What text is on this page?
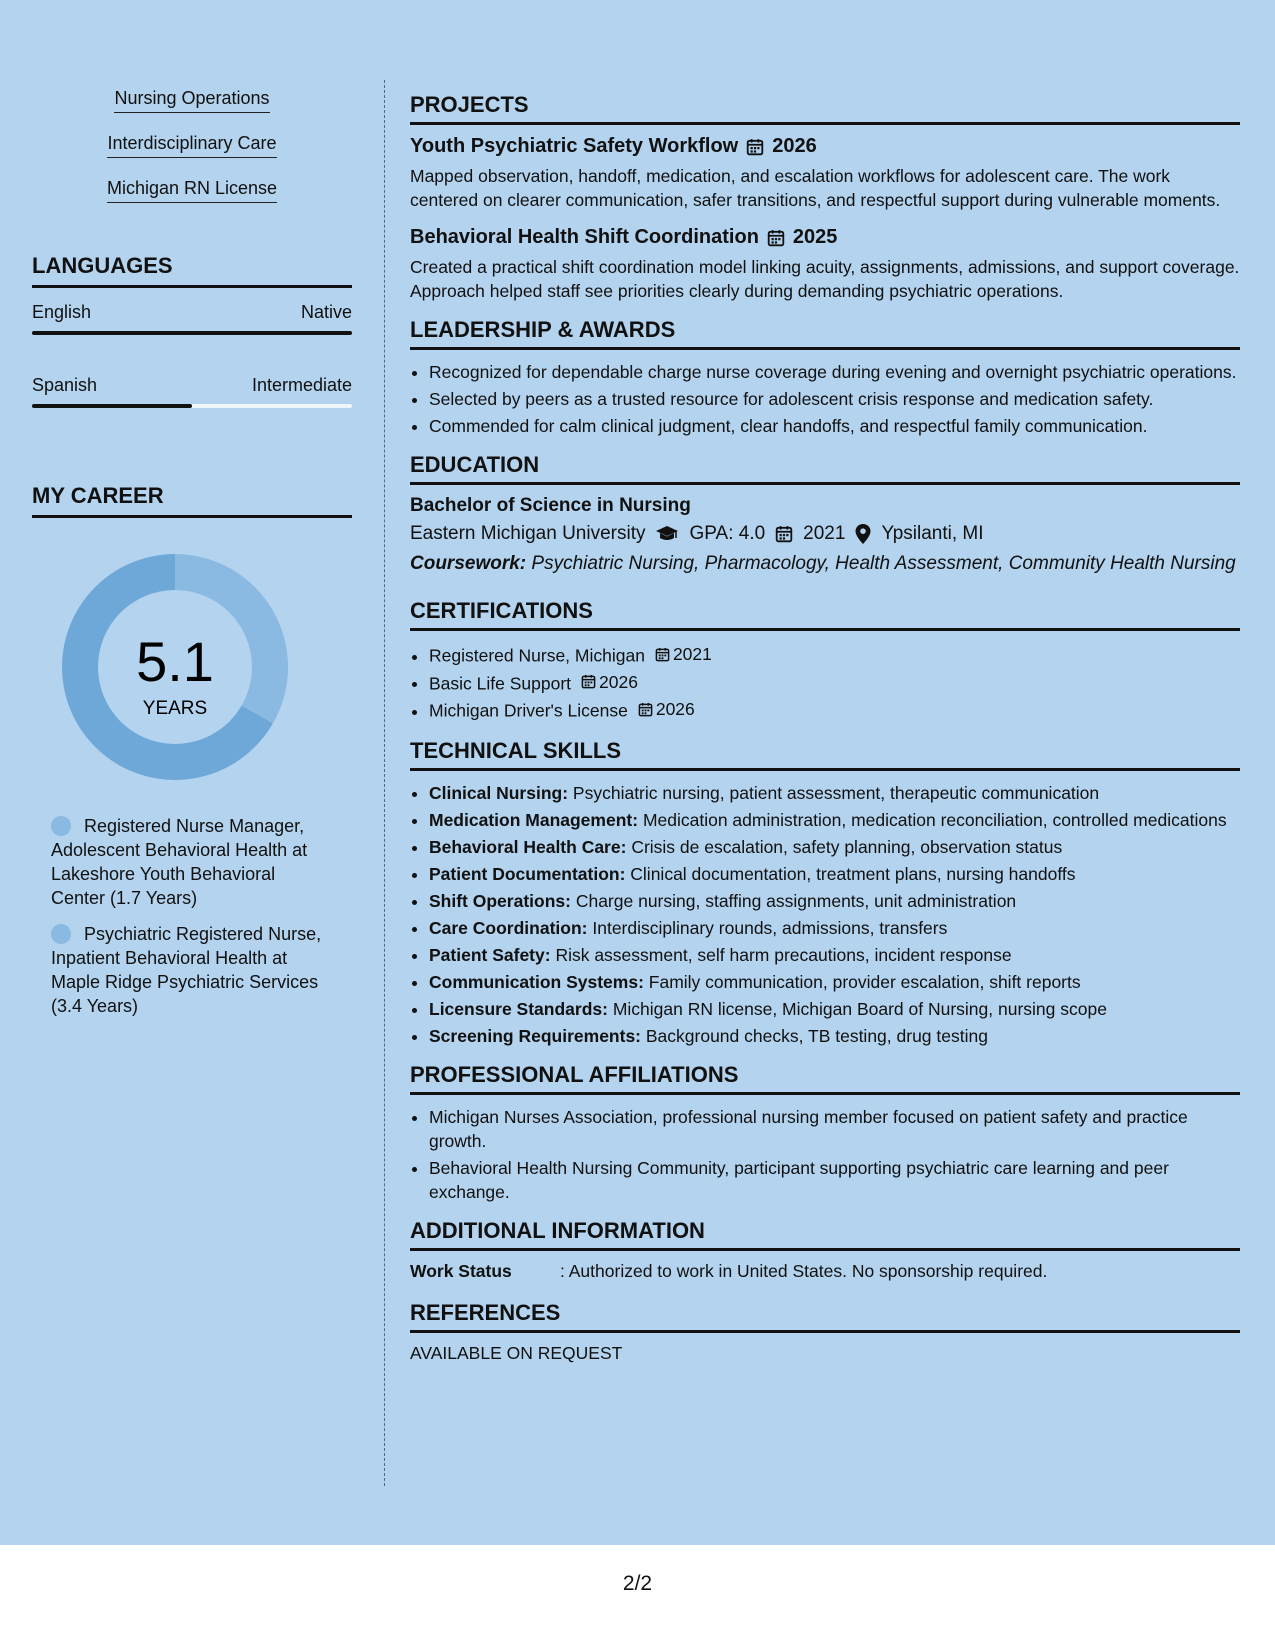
Nursing Operations
Interdisciplinary Care
Michigan RN License
LANGUAGES
English	Native
Spanish	Intermediate
MY CAREER
5.1
YEARS
Registered Nurse Manager, Adolescent Behavioral Health at Lakeshore Youth Behavioral Center (1.7 Years)
Psychiatric Registered Nurse, Inpatient Behavioral Health at Maple Ridge Psychiatric Services (3.4 Years)
PROJECTS
Youth Psychiatric Safety Workflow 2026
Mapped observation, handoff, medication, and escalation workflows for adolescent care. The work centered on clearer communication, safer transitions, and respectful support during vulnerable moments.
Behavioral Health Shift Coordination 2025
Created a practical shift coordination model linking acuity, assignments, admissions, and support coverage. Approach helped staff see priorities clearly during demanding psychiatric operations.
LEADERSHIP & AWARDS
• Recognized for dependable charge nurse coverage during evening and overnight psychiatric operations.
• Selected by peers as a trusted resource for adolescent crisis response and medication safety.
• Commended for calm clinical judgment, clear handoffs, and respectful family communication.
EDUCATION
Bachelor of Science in Nursing
Eastern Michigan University GPA: 4.0 2021 Ypsilanti, MI
Coursework: Psychiatric Nursing, Pharmacology, Health Assessment, Community Health Nursing
CERTIFICATIONS
• Registered Nurse, Michigan 2021
• Basic Life Support 2026
• Michigan Driver's License 2026
TECHNICAL SKILLS
• Clinical Nursing: Psychiatric nursing, patient assessment, therapeutic communication
• Medication Management: Medication administration, medication reconciliation, controlled medications
• Behavioral Health Care: Crisis de escalation, safety planning, observation status
• Patient Documentation: Clinical documentation, treatment plans, nursing handoffs
• Shift Operations: Charge nursing, staffing assignments, unit administration
• Care Coordination: Interdisciplinary rounds, admissions, transfers
• Patient Safety: Risk assessment, self harm precautions, incident response
• Communication Systems: Family communication, provider escalation, shift reports
• Licensure Standards: Michigan RN license, Michigan Board of Nursing, nursing scope
• Screening Requirements: Background checks, TB testing, drug testing
PROFESSIONAL AFFILIATIONS
• Michigan Nurses Association, professional nursing member focused on patient safety and practice growth.
• Behavioral Health Nursing Community, participant supporting psychiatric care learning and peer exchange.
ADDITIONAL INFORMATION
Work Status	: Authorized to work in United States. No sponsorship required.
REFERENCES
AVAILABLE ON REQUEST
2/2
